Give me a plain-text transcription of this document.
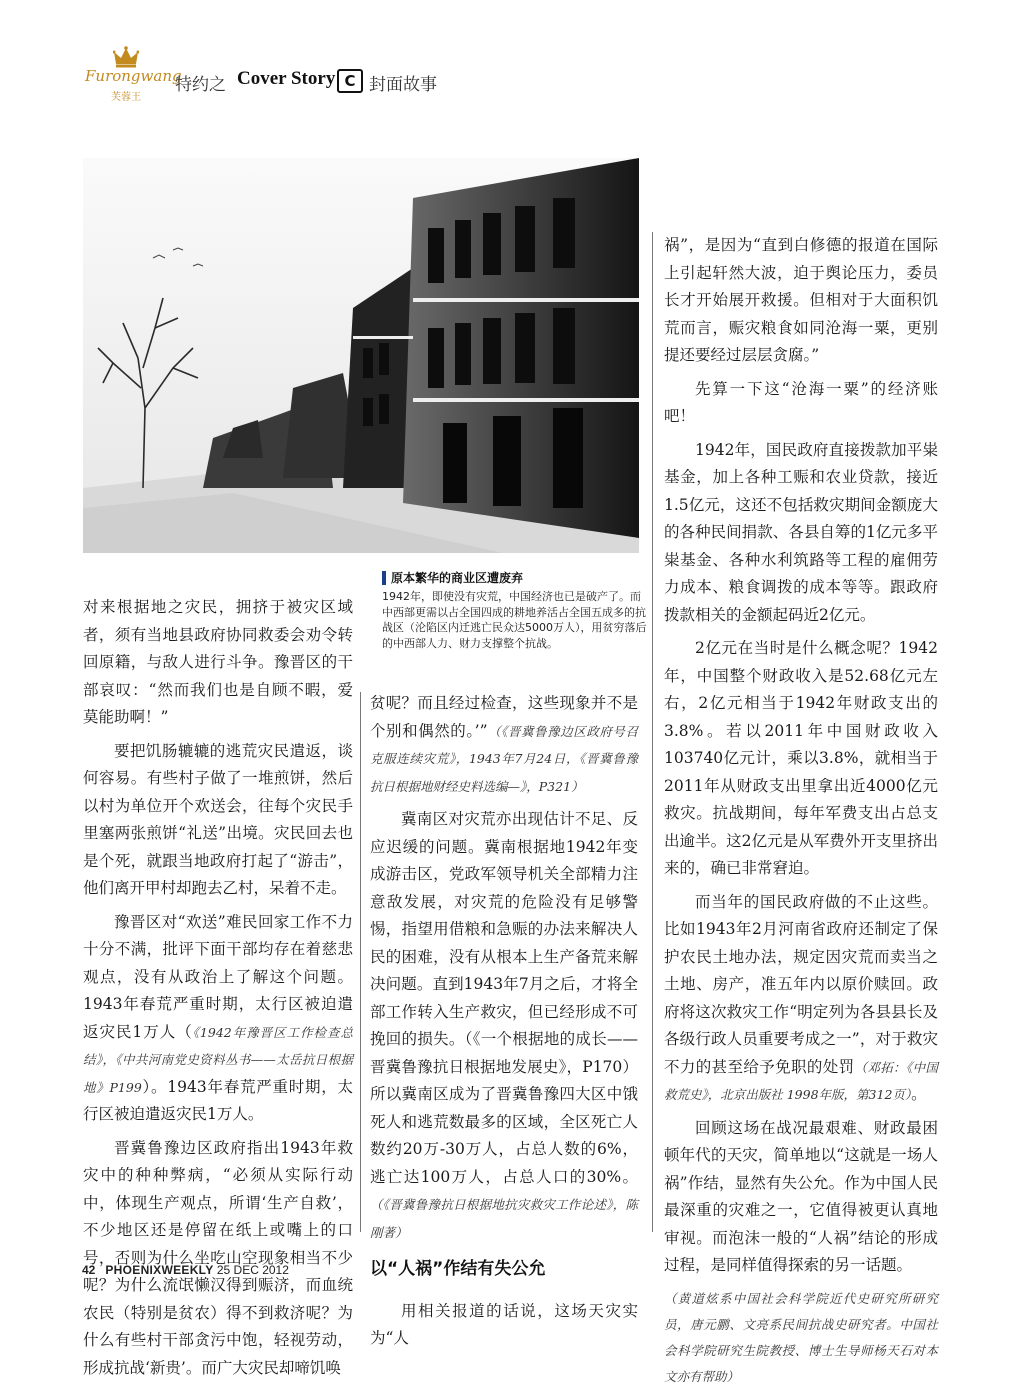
Furongwang
芙蓉王
特约之 Cover Story C 封面故事
原本繁华的商业区遭废弃
1942年，即使没有灾荒，中国经济也已是破产了。而中西部更需以占全国四成的耕地养活占全国五成多的抗战区（沦陷区内迁逃亡民众达5000万人），用贫穷落后的中西部人力、财力支撑整个抗战。

对来根据地之灾民，拥挤于被灾区域者，须有当地县政府协同救委会劝令转回原籍，与敌人进行斗争。豫晋区的干部哀叹：“然而我们也是自顾不暇，爱莫能助啊！”

要把饥肠辘辘的逃荒灾民遣返，谈何容易。有些村子做了一堆煎饼，然后以村为单位开个欢送会，往每个灾民手里塞两张煎饼“礼送”出境。灾民回去也是个死，就跟当地政府打起了“游击”，他们离开甲村却跑去乙村，呆着不走。

豫晋区对“欢送”难民回家工作不力十分不满，批评下面干部均存在着慈悲观点，没有从政治上了解这个问题。1943年春荒严重时期，太行区被迫遣返灾民1万人（《1942年豫晋区工作检查总结》，《中共河南党史资料丛书——太岳抗日根据地》P199）。1943年春荒严重时期，太行区被迫遣返灾民1万人。

晋冀鲁豫边区政府指出1943年救灾中的种种弊病，“必须从实际行动中，体现生产观点，所谓‘生产自救’，不少地区还是停留在纸上或嘴上的口号，否则为什么坐吃山空现象相当不少呢？为什么流氓懒汉得到赈济，而血统农民（特别是贫农）得不到救济呢？为什么有些村干部贪污中饱，轻视劳动，形成抗战‘新贵’。而广大灾民却啼饥唤

贫呢？而且经过检查，这些现象并不是个别和偶然的。’”（《晋冀鲁豫边区政府号召克服连续灾荒》，1943年7月24日，《晋冀鲁豫抗日根据地财经史料选编—》，P321）

冀南区对灾荒亦出现估计不足、反应迟缓的问题。冀南根据地1942年变成游击区，党政军领导机关全部精力注意敌发展，对灾荒的危险没有足够警惕，指望用借粮和急赈的办法来解决人民的困难，没有从根本上生产备荒来解决问题。直到1943年7月之后，才将全部工作转入生产救灾，但已经形成不可挽回的损失。（《一个根据地的成长——晋冀鲁豫抗日根据地发展史》，P170）所以冀南区成为了晋冀鲁豫四大区中饿死人和逃荒数最多的区域，全区死亡人数约20万-30万人，占总人数的6%，逃亡达100万人，占总人口的30%。（《晋冀鲁豫抗日根据地抗灾救灾工作论述》，陈刚著）

以“人祸”作结有失公允

用相关报道的话说，这场天灾实为“人

祸”，是因为“直到白修德的报道在国际上引起轩然大波，迫于舆论压力，委员长才开始展开救援。但相对于大面积饥荒而言，赈灾粮食如同沧海一粟，更别提还要经过层层贪腐。”

先算一下这“沧海一粟”的经济账吧！

1942年，国民政府直接拨款加平粜基金，加上各种工赈和农业贷款，接近1.5亿元，这还不包括救灾期间金额庞大的各种民间捐款、各县自筹的1亿元多平粜基金、各种水利筑路等工程的雇佣劳力成本、粮食调拨的成本等等。跟政府拨款相关的金额起码近2亿元。

2亿元在当时是什么概念呢？1942年，中国整个财政收入是52.68亿元左右，2亿元相当于1942年财政支出的3.8%。若以2011年中国财政收入103740亿元计，乘以3.8%，就相当于2011年从财政支出里拿出近4000亿元救灾。抗战期间，每年军费支出占总支出逾半。这2亿元是从军费外开支里挤出来的，确已非常窘迫。

而当年的国民政府做的不止这些。比如1943年2月河南省政府还制定了保护农民土地办法，规定因灾荒而卖当之土地、房产，准五年内以原价赎回。政府将这次救灾工作“明定列为各县县长及各级行政人员重要考成之一”，对于救灾不力的甚至给予免职的处罚（邓拓：《中国救荒史》，北京出版社 1998年版，第312页）。

回顾这场在战况最艰难、财政最困顿年代的天灾，简单地以“这就是一场人祸”作结，显然有失公允。作为中国人民最深重的灾难之一，它值得被更认真地审视。而泡沫一般的“人祸”结论的形成过程，是同样值得探索的另一话题。

（黄道炫系中国社会科学院近代史研究所研究员，唐元鹏、文亮系民间抗战史研究者。中国社会科学院研究生院教授、博士生导师杨天石对本文亦有帮助）

42 PHOENIXWEEKLY 25 DEC 2012
